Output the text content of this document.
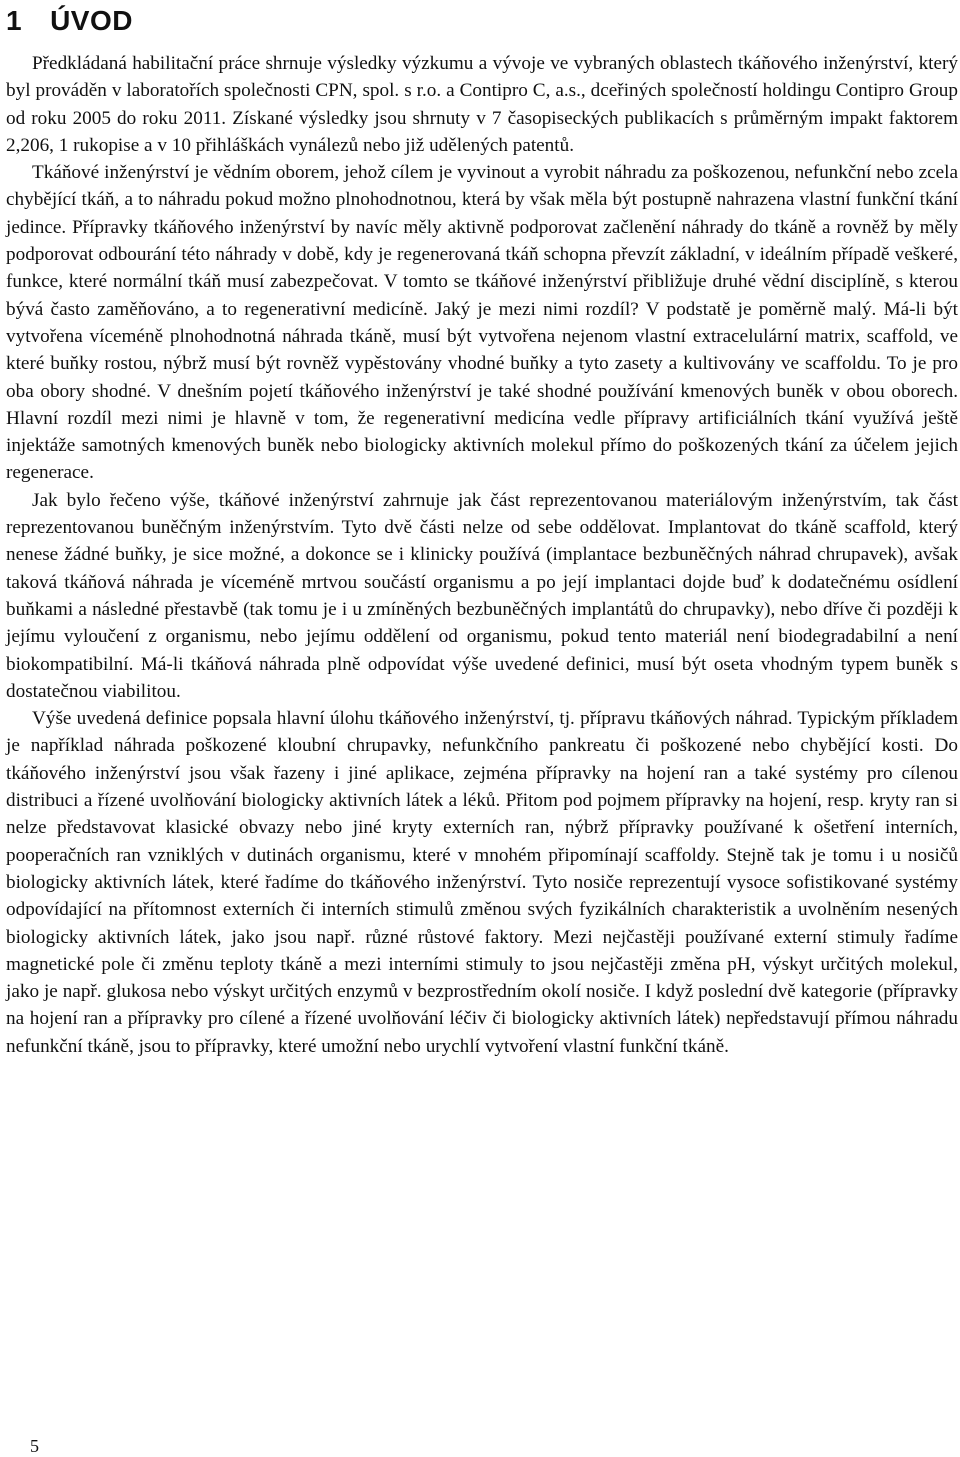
1 ÚVOD

Předkládaná habilitační práce shrnuje výsledky výzkumu a vývoje ve vybraných oblastech tkáňového inženýrství, který byl prováděn v laboratořích společnosti CPN, spol. s r.o. a Contipro C, a.s., dceřiných společností holdingu Contipro Group od roku 2005 do roku 2011. Získané výsledky jsou shrnuty v 7 časopiseckých publikacích s průměrným impakt faktorem 2,206, 1 rukopise a v 10 přihláškách vynálezů nebo již udělených patentů.

Tkáňové inženýrství je vědním oborem, jehož cílem je vyvinout a vyrobit náhradu za poškozenou, nefunkční nebo zcela chybějící tkáň, a to náhradu pokud možno plnohodnotnou, která by však měla být postupně nahrazena vlastní funkční tkání jedince. Přípravky tkáňového inženýrství by navíc měly aktivně podporovat začlenění náhrady do tkáně a rovněž by měly podporovat odbourání této náhrady v době, kdy je regenerovaná tkáň schopna převzít základní, v ideálním případě veškeré, funkce, které normální tkáň musí zabezpečovat. V tomto se tkáňové inženýrství přibližuje druhé vědní disciplíně, s kterou bývá často zaměňováno, a to regenerativní medicíně. Jaký je mezi nimi rozdíl? V podstatě je poměrně malý. Má-li být vytvořena víceméně plnohodnotná náhrada tkáně, musí být vytvořena nejenom vlastní extracelulární matrix, scaffold, ve které buňky rostou, nýbrž musí být rovněž vypěstovány vhodné buňky a tyto zasety a kultivovány ve scaffoldu. To je pro oba obory shodné. V dnešním pojetí tkáňového inženýrství je také shodné používání kmenových buněk v obou oborech. Hlavní rozdíl mezi nimi je hlavně v tom, že regenerativní medicína vedle přípravy artificiálních tkání využívá ještě injektáže samotných kmenových buněk nebo biologicky aktivních molekul přímo do poškozených tkání za účelem jejich regenerace.

Jak bylo řečeno výše, tkáňové inženýrství zahrnuje jak část reprezentovanou materiálovým inženýrstvím, tak část reprezentovanou buněčným inženýrstvím. Tyto dvě části nelze od sebe oddělovat. Implantovat do tkáně scaffold, který nenese žádné buňky, je sice možné, a dokonce se i klinicky používá (implantace bezbuněčných náhrad chrupavek), avšak taková tkáňová náhrada je víceméně mrtvou součástí organismu a po její implantaci dojde buď k dodatečnému osídlení buňkami a následné přestavbě (tak tomu je i u zmíněných bezbuněčných implantátů do chrupavky), nebo dříve či později k jejímu vyloučení z organismu, nebo jejímu oddělení od organismu, pokud tento materiál není biodegradabilní a není biokompatibilní. Má-li tkáňová náhrada plně odpovídat výše uvedené definici, musí být oseta vhodným typem buněk s dostatečnou viabilitou.

Výše uvedená definice popsala hlavní úlohu tkáňového inženýrství, tj. přípravu tkáňových náhrad. Typickým příkladem je například náhrada poškozené kloubní chrupavky, nefunkčního pankreatu či poškozené nebo chybějící kosti. Do tkáňového inženýrství jsou však řazeny i jiné aplikace, zejména přípravky na hojení ran a také systémy pro cílenou distribuci a řízené uvolňování biologicky aktivních látek a léků. Přitom pod pojmem přípravky na hojení, resp. kryty ran si nelze představovat klasické obvazy nebo jiné kryty externích ran, nýbrž přípravky používané k ošetření interních, pooperačních ran vzniklých v dutinách organismu, které v mnohém připomínají scaffoldy. Stejně tak je tomu i u nosičů biologicky aktivních látek, které řadíme do tkáňového inženýrství. Tyto nosiče reprezentují vysoce sofistikované systémy odpovídající na přítomnost externích či interních stimulů změnou svých fyzikálních charakteristik a uvolněním nesených biologicky aktivních látek, jako jsou např. různé růstové faktory. Mezi nejčastěji používané externí stimuly řadíme magnetické pole či změnu teploty tkáně a mezi interními stimuly to jsou nejčastěji změna pH, výskyt určitých molekul, jako je např. glukosa nebo výskyt určitých enzymů v bezprostředním okolí nosiče. I když poslední dvě kategorie (přípravky na hojení ran a přípravky pro cílené a řízené uvolňování léčiv či biologicky aktivních látek) nepředstavují přímou náhradu nefunkční tkáně, jsou to přípravky, které umožní nebo urychlí vytvoření vlastní funkční tkáně.

5
